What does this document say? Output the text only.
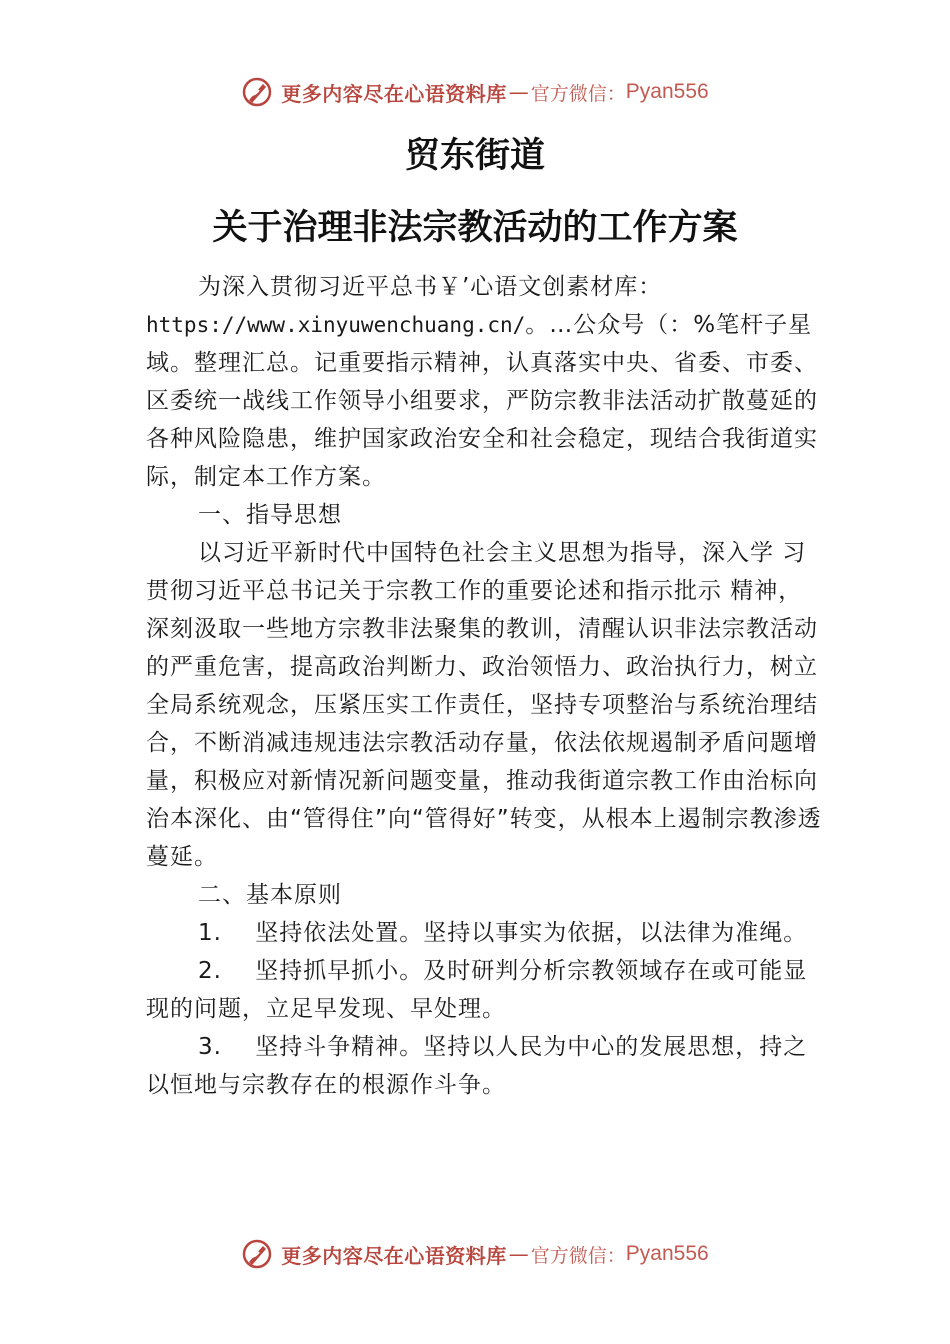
更多内容尽在心语资料库 — 官方微信： Pyan556
贸东街道
关于治理非法宗教活动的工作方案

为深入贯彻习近平总书￥’心语文创素材库：https://www.xinyuwenchuang.cn/。…公众号（：%笔杆子星域。整理汇总。记重要指示精神，认真落实中央、省委、市委、区委统一战线工作领导小组要求，严防宗教非法活动扩散蔓延的各种风险隐患，维护国家政治安全和社会稳定，现结合我街道实际，制定本工作方案。

一、指导思想

以习近平新时代中国特色社会主义思想为指导，深入学 习贯彻习近平总书记关于宗教工作的重要论述和指示批示 精神，深刻汲取一些地方宗教非法聚集的教训，清醒认识非法宗教活动的严重危害，提高政治判断力、政治领悟力、政治执行力，树立全局系统观念，压紧压实工作责任，坚持专项整治与系统治理结合，不断消减违规违法宗教活动存量，依法依规遏制矛盾问题增量，积极应对新情况新问题变量，推动我街道宗教工作由治标向治本深化、由“管得住”向“管得好”转变，从根本上遏制宗教渗透蔓延。

二、基本原则

1. 坚持依法处置。坚持以事实为依据，以法律为准绳。

2. 坚持抓早抓小。及时研判分析宗教领域存在或可能显现的问题，立足早发现、早处理。

3. 坚持斗争精神。坚持以人民为中心的发展思想，持之以恒地与宗教存在的根源作斗争。

更多内容尽在心语资料库 — 官方微信： Pyan556
